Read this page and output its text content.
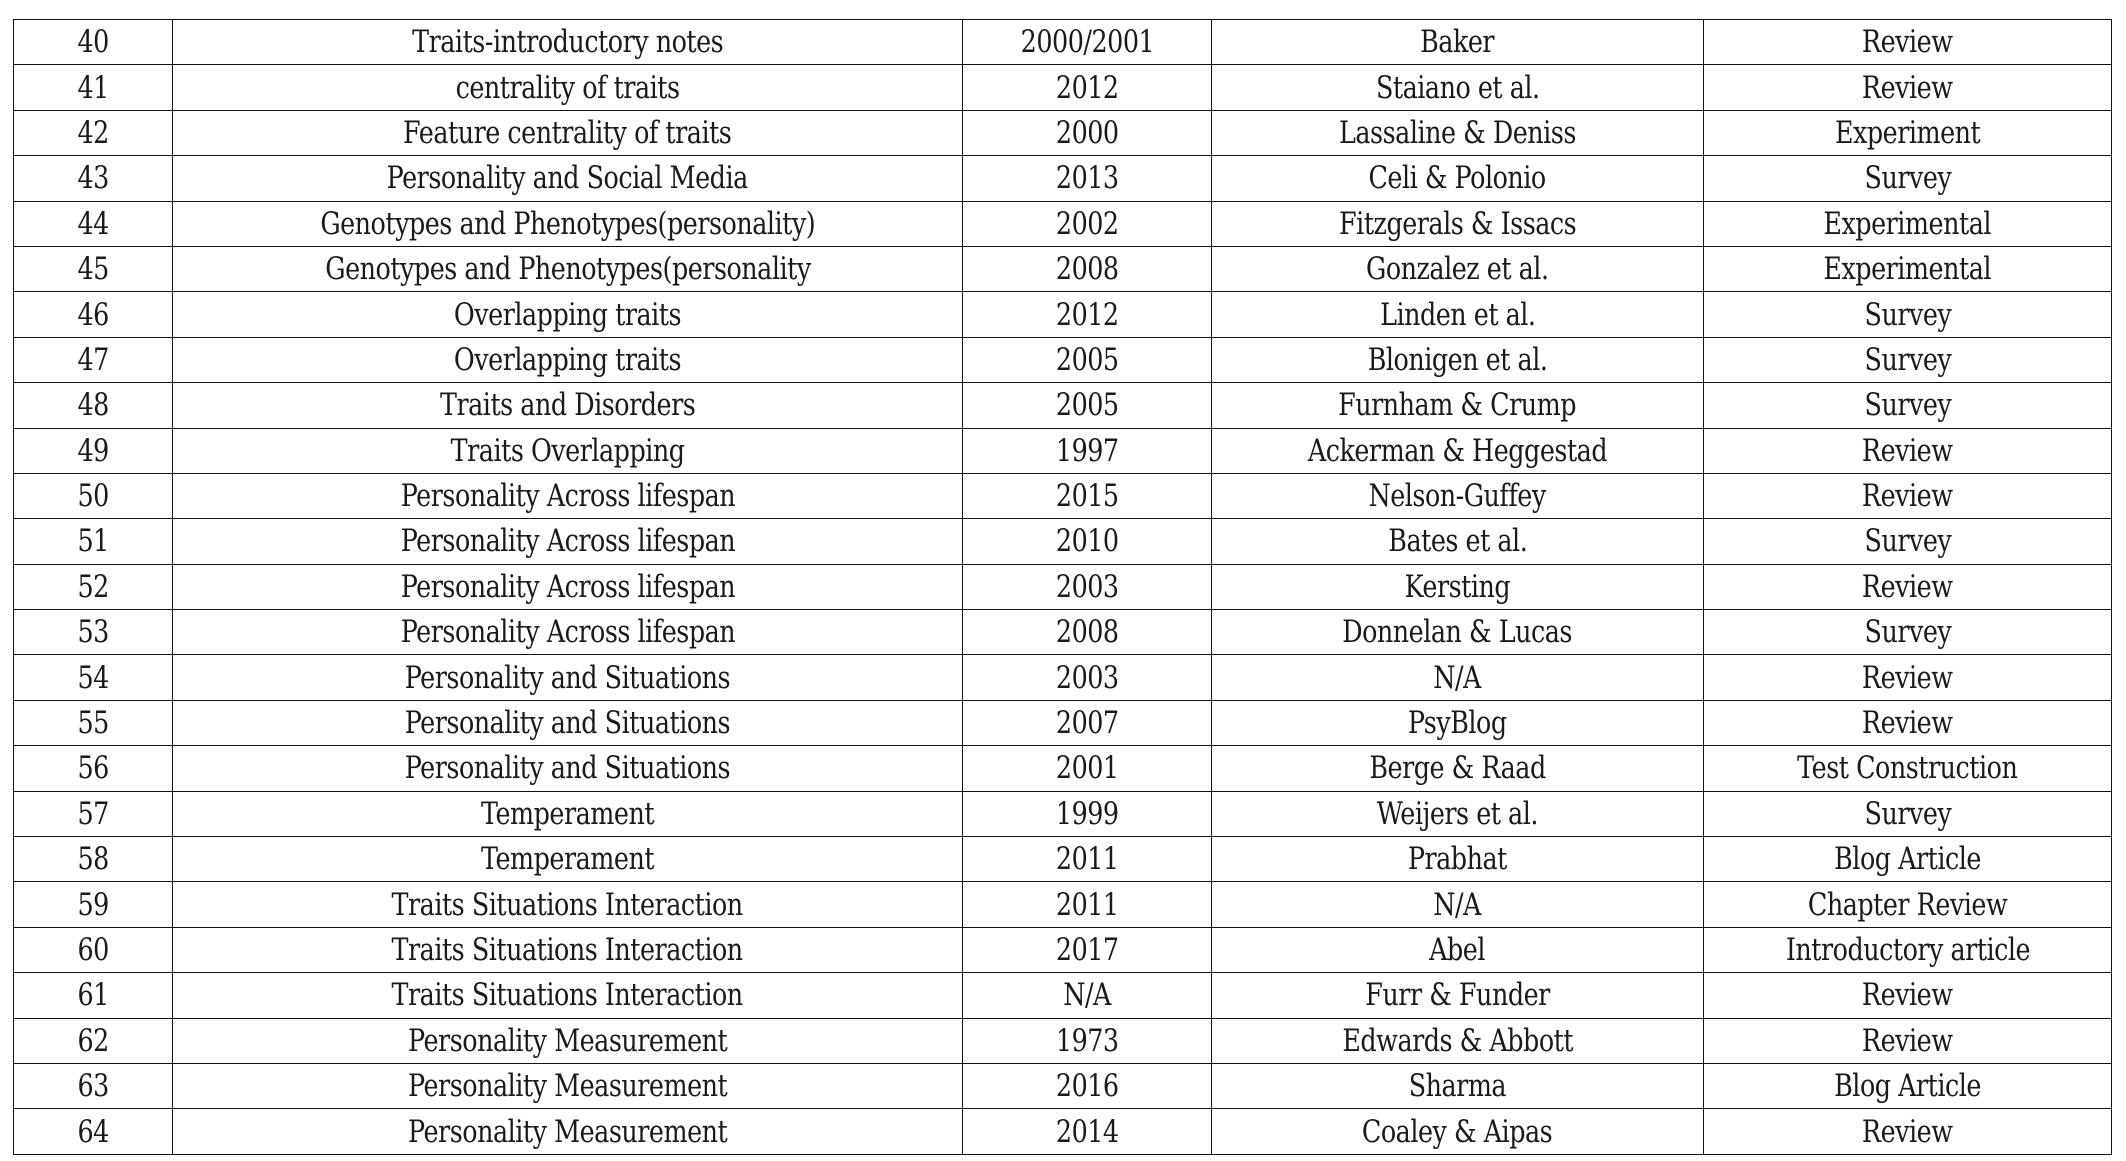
40	Traits-introductory notes	2000/2001	Baker	Review
41	centrality of traits	2012	Staiano et al.	Review
42	Feature centrality of traits	2000	Lassaline & Deniss	Experiment
43	Personality and Social Media	2013	Celi & Polonio	Survey
44	Genotypes and Phenotypes(personality)	2002	Fitzgerals & Issacs	Experimental
45	Genotypes and Phenotypes(personality	2008	Gonzalez et al.	Experimental
46	Overlapping traits	2012	Linden et al.	Survey
47	Overlapping traits	2005	Blonigen et al.	Survey
48	Traits and Disorders	2005	Furnham & Crump	Survey
49	Traits Overlapping	1997	Ackerman & Heggestad	Review
50	Personality Across lifespan	2015	Nelson-Guffey	Review
51	Personality Across lifespan	2010	Bates et al.	Survey
52	Personality Across lifespan	2003	Kersting	Review
53	Personality Across lifespan	2008	Donnelan & Lucas	Survey
54	Personality and Situations	2003	N/A	Review
55	Personality and Situations	2007	PsyBlog	Review
56	Personality and Situations	2001	Berge & Raad	Test Construction
57	Temperament	1999	Weijers et al.	Survey
58	Temperament	2011	Prabhat	Blog Article
59	Traits Situations Interaction	2011	N/A	Chapter Review
60	Traits Situations Interaction	2017	Abel	Introductory article
61	Traits Situations Interaction	N/A	Furr & Funder	Review
62	Personality Measurement	1973	Edwards & Abbott	Review
63	Personality Measurement	2016	Sharma	Blog Article
64	Personality Measurement	2014	Coaley & Aipas	Review
